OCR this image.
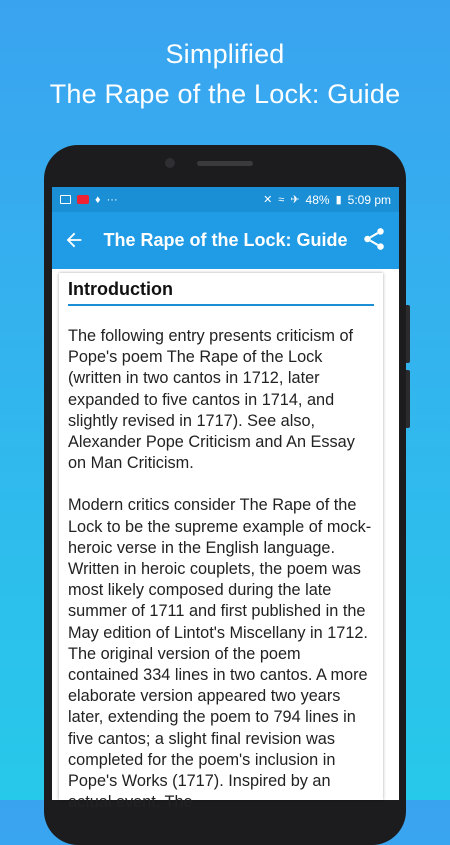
Simplified
The Rape of the Lock: Guide
♦ ···	✕ ≈ ✈ 48% ▮ 5:09 pm
The Rape of the Lock: Guide
Introduction

The following entry presents criticism of Pope's poem The Rape of the Lock (written in two cantos in 1712, later expanded to five cantos in 1714, and slightly revised in 1717). See also, Alexander Pope Criticism and An Essay on Man Criticism.

Modern critics consider The Rape of the Lock to be the supreme example of mock-heroic verse in the English language. Written in heroic couplets, the poem was most likely composed during the late summer of 1711 and first published in the May edition of Lintot's Miscellany in 1712. The original version of the poem contained 334 lines in two cantos. A more elaborate version appeared two years later, extending the poem to 794 lines in five cantos; a slight final revision was completed for the poem's inclusion in Pope's Works (1717). Inspired by an actual event, The
